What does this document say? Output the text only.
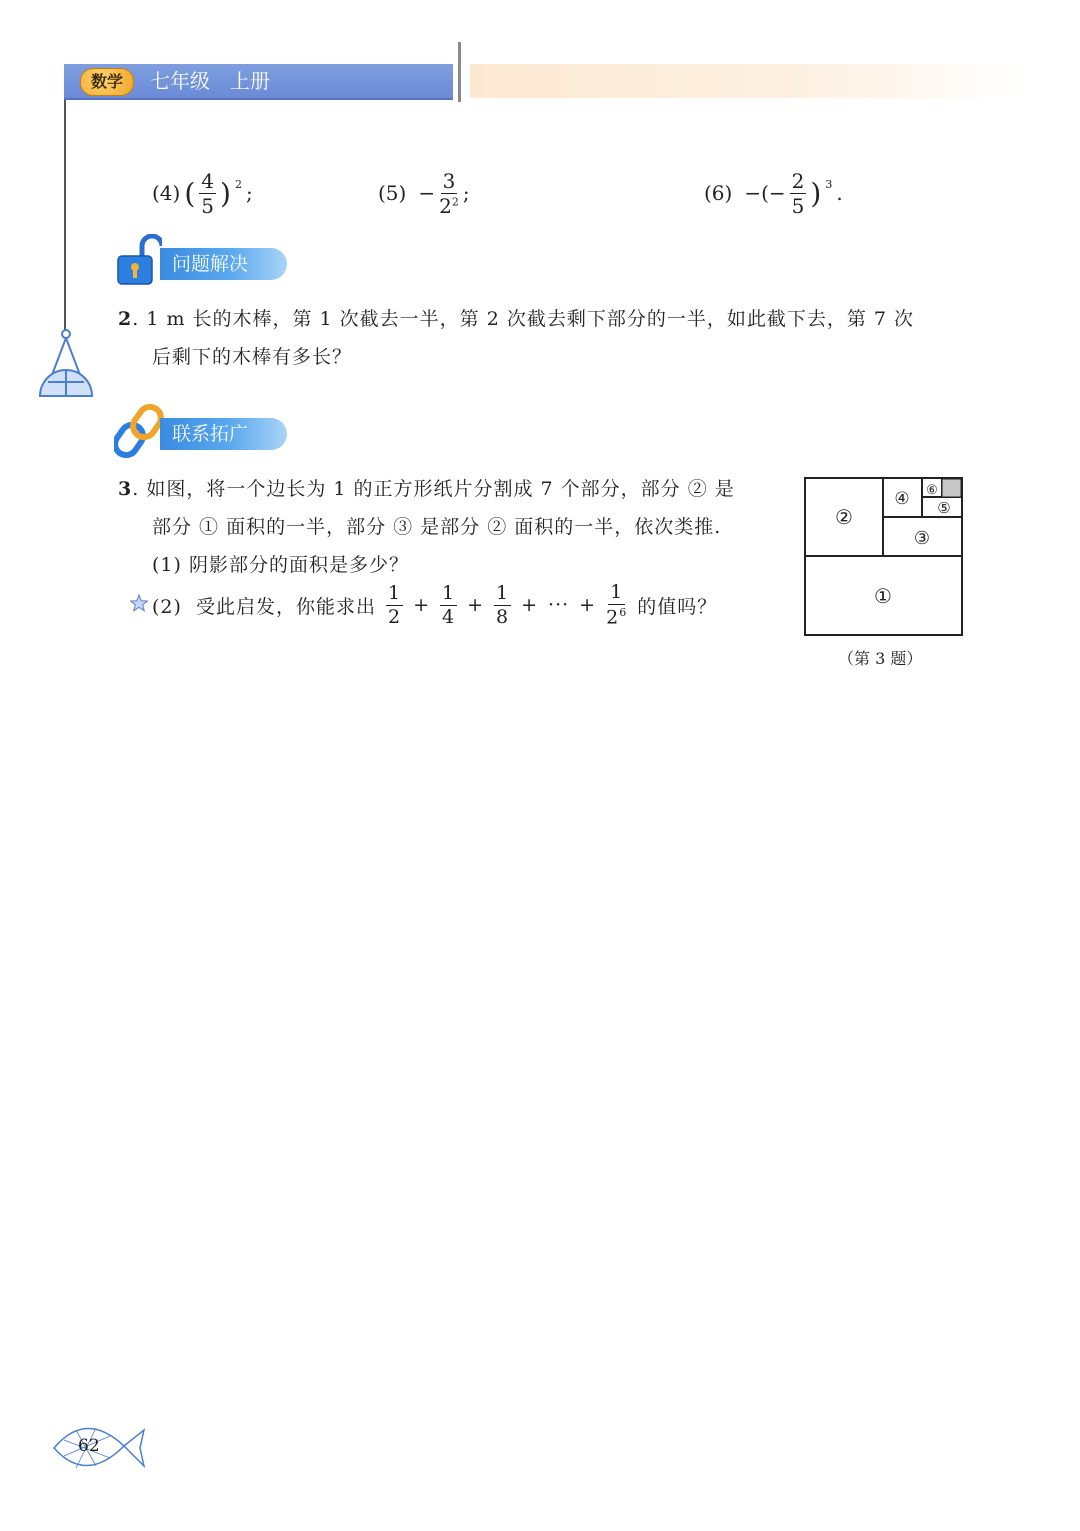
数学	七年级　上册
(4) ( $\frac{4}{5}$ ) $^2$ ;	$(5) - \frac{3}{2^2}$ ;	(6) −(− $\frac{2}{5}$ ) $^3$ .
问题解决
2. 1 m 长的木棒，第 1 次截去一半，第 2 次截去剩下部分的一半，如此截下去，第 7 次
后剩下的木棒有多长？
联系拓广
3. 如图，将一个边长为 1 的正方形纸片分割成 7 个部分，部分 ② 是
部分 ① 面积的一半，部分 ③ 是部分 ② 面积的一半，依次类推.
(1) 阴影部分的面积是多少？
(2)  受此启发，你能求出 $\frac{1}{2} + \frac{1}{4} + \frac{1}{8}$ + ··· + $\frac{1}{2^6}$ 的值吗？	①
②
③
④ ⑤
⑥
（第 3 题）
62
